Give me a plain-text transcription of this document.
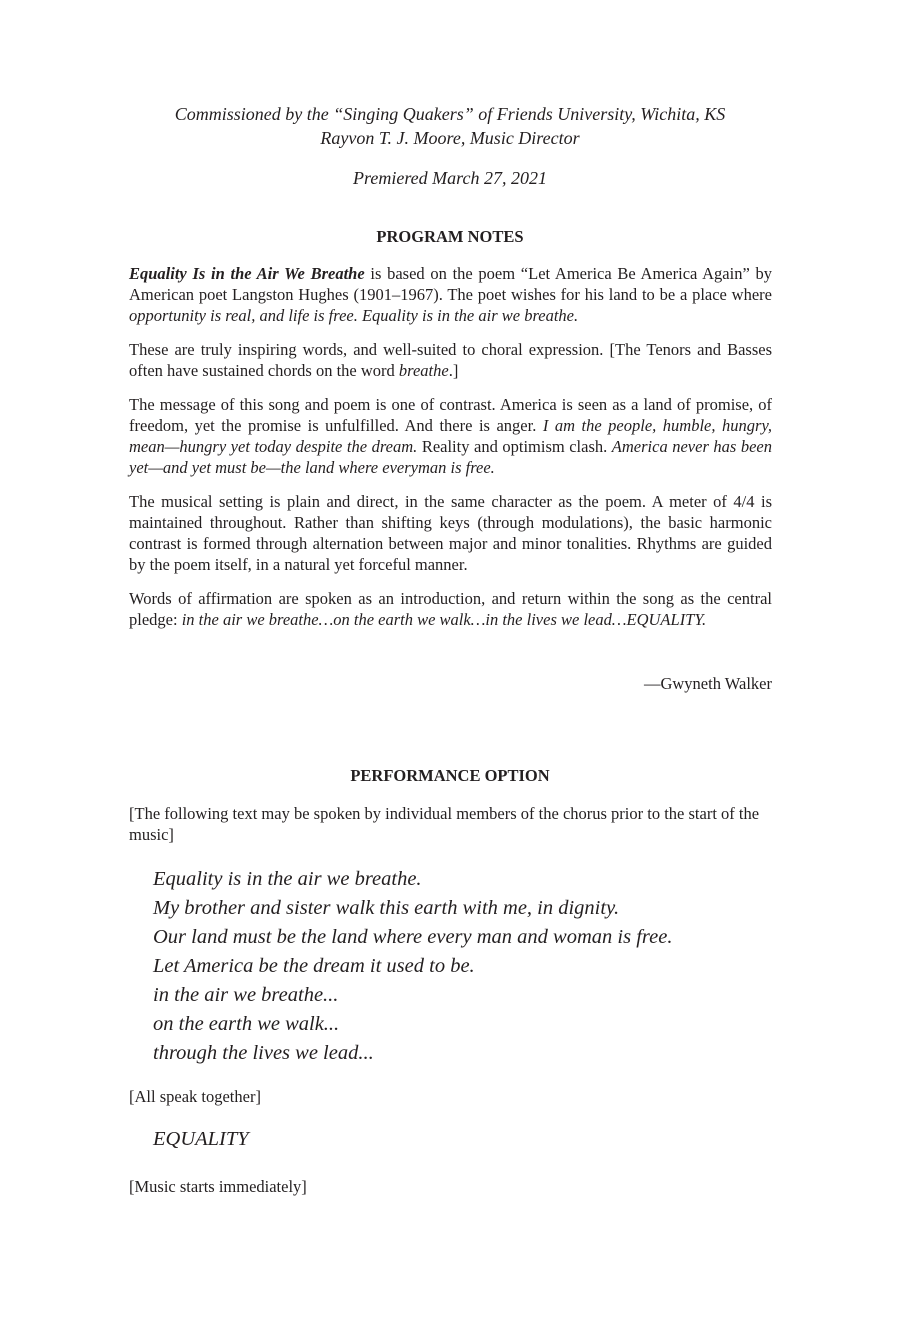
Commissioned by the “Singing Quakers” of Friends University, Wichita, KS
Rayvon T. J. Moore, Music Director
Premiered March 27, 2021
PROGRAM NOTES

Equality Is in the Air We Breathe is based on the poem “Let America Be America Again” by American poet Langston Hughes (1901–1967). The poet wishes for his land to be a place where opportunity is real, and life is free. Equality is in the air we breathe.

These are truly inspiring words, and well-suited to choral expression. [The Tenors and Basses often have sustained chords on the word breathe.]

The message of this song and poem is one of contrast. America is seen as a land of promise, of freedom, yet the promise is unfulfilled. And there is anger. I am the people, humble, hungry, mean—hungry yet today despite the dream. Reality and optimism clash. America never has been yet—and yet must be—the land where everyman is free.

The musical setting is plain and direct, in the same character as the poem. A meter of 4/4 is maintained throughout. Rather than shifting keys (through modulations), the basic harmonic contrast is formed through alternation between major and minor tonalities. Rhythms are guided by the poem itself, in a natural yet forceful manner.

Words of affirmation are spoken as an introduction, and return within the song as the central pledge: in the air we breathe…on the earth we walk…in the lives we lead…EQUALITY.

—Gwyneth Walker
PERFORMANCE OPTION
[The following text may be spoken by individual members of the chorus prior to the start of the music]
Equality is in the air we breathe.
My brother and sister walk this earth with me, in dignity.
Our land must be the land where every man and woman is free.
Let America be the dream it used to be.
in the air we breathe...
on the earth we walk...
through the lives we lead...
[All speak together]
EQUALITY
[Music starts immediately]
